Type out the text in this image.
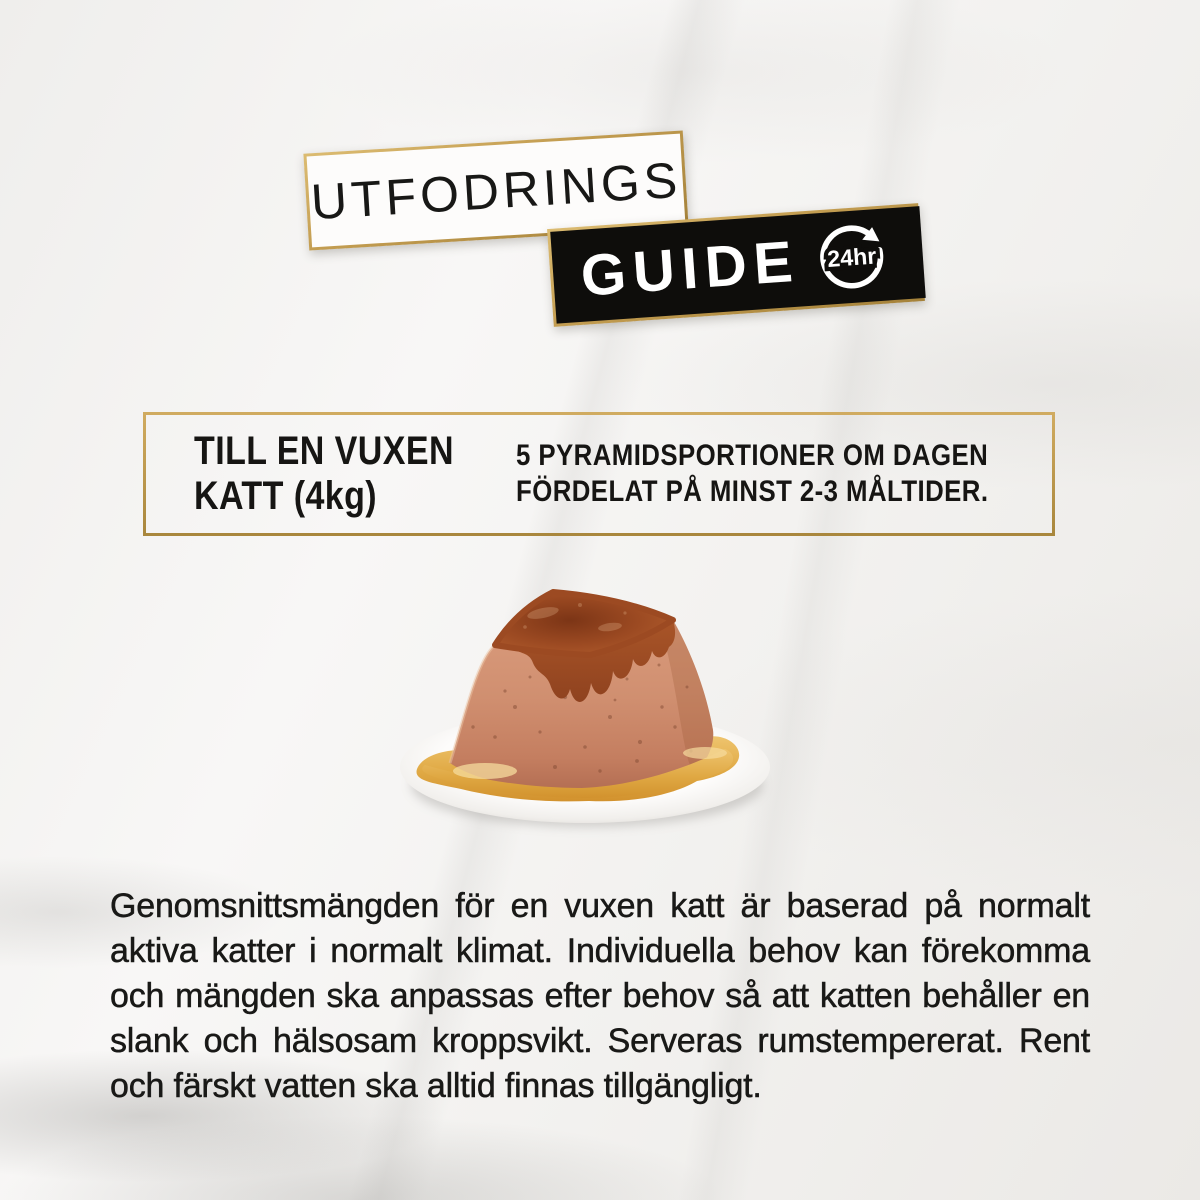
UTFODRINGS
GUIDE 24hr
TILL EN VUXEN
KATT (4kg)
5 PYRAMIDSPORTIONER OM DAGEN
FÖRDELAT PÅ MINST 2-3 MÅLTIDER.
Genomsnittsmängden för en vuxen katt är baserad på normalt
aktiva katter i normalt klimat. Individuella behov kan förekomma
och mängden ska anpassas efter behov så att katten behåller en
slank och hälsosam kroppsvikt. Serveras rumstempererat. Rent
och färskt vatten ska alltid finnas tillgängligt.
